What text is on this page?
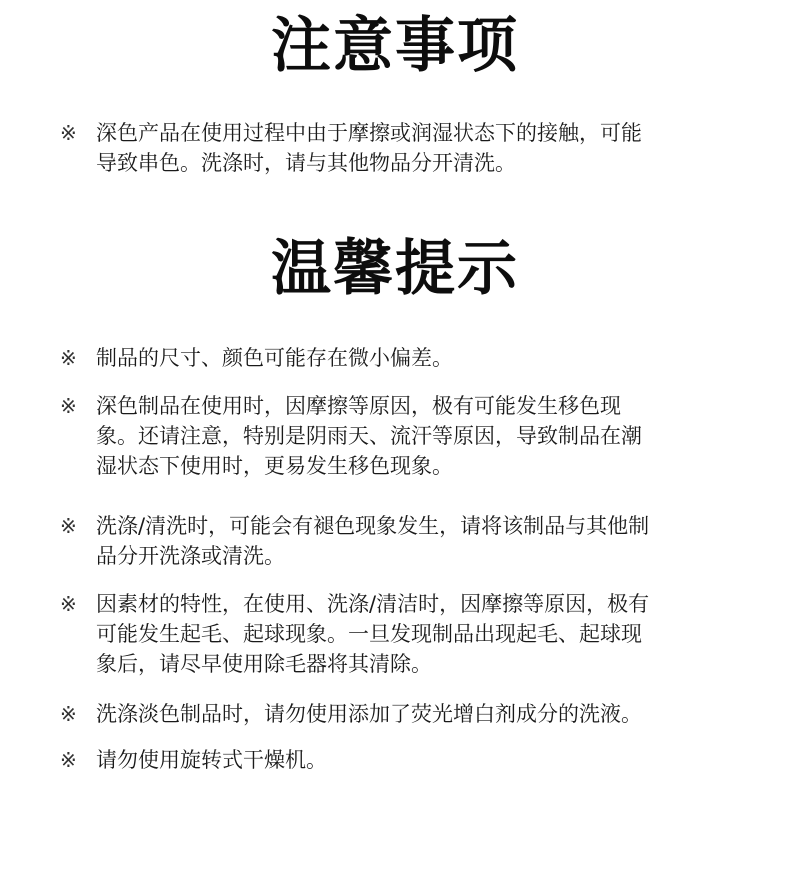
注意事项
※ 深色产品在使用过程中由于摩擦或润湿状态下的接触，可能
导致串色。洗涤时，请与其他物品分开清洗。
温馨提示
※ 制品的尺寸、颜色可能存在微小偏差。
※ 深色制品在使用时，因摩擦等原因，极有可能发生移色现
象。还请注意，特别是阴雨天、流汗等原因，导致制品在潮
湿状态下使用时，更易发生移色现象。
※ 洗涤/清洗时，可能会有褪色现象发生，请将该制品与其他制
品分开洗涤或清洗。
※ 因素材的特性，在使用、洗涤/清洁时，因摩擦等原因，极有
可能发生起毛、起球现象。一旦发现制品出现起毛、起球现
象后，请尽早使用除毛器将其清除。
※ 洗涤淡色制品时，请勿使用添加了荧光增白剂成分的洗液。
※ 请勿使用旋转式干燥机。
